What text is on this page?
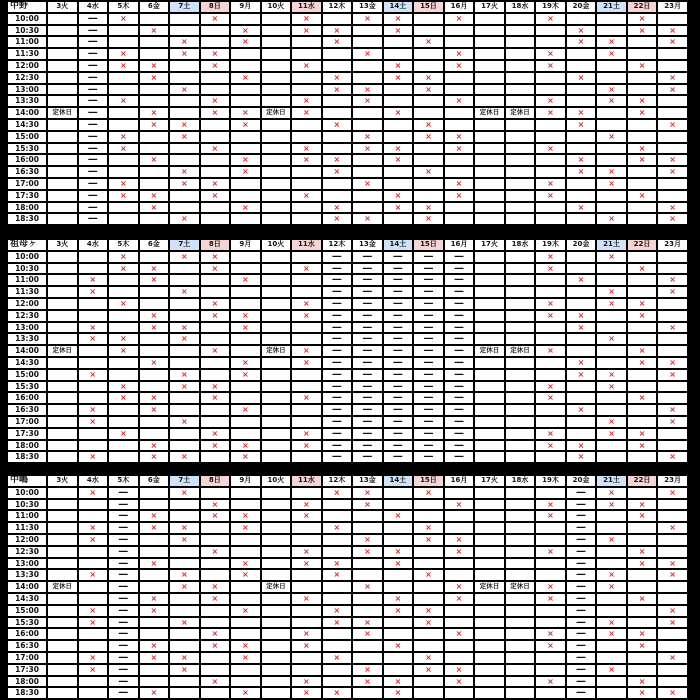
中野	3火	4水	5木	6金	7土	8日	9月	10火	11水	12木	13金	14土	15日	16月	17火	18水	19木	20金	21土	22日	23月
10:00		—	×			×			×		×	×		×			×			×	
10:30		—		×			×		×	×		×						×		×	×
11:00		—			×		×			×			×					×	×		×
11:30		—	×		×	×					×			×			×		×		
12:00		—	×	×		×			×			×		×			×			×	
12:30		—		×			×			×		×	×					×			×
13:00		—			×					×	×		×						×		×
13:30		—	×			×			×		×			×			×		×	×	
14:00	定休日	—		×		×	×	定休日	×			×			定休日	定休日	×	×		×	
14:30		—		×	×		×			×			×					×			×
15:00		—	×		×						×		×	×					×		
15:30		—	×			×			×		×	×		×			×			×	
16:00		—		×			×		×	×		×						×		×	×
16:30		—			×		×			×			×					×	×		×
17:00		—	×		×	×					×			×			×		×		
17:30		—	×	×		×			×			×		×			×			×	
18:00		—		×			×			×		×	×					×			×
18:30		—			×					×	×		×						×		×
祖母ヶ	3火	4水	5木	6金	7土	8日	9月	10火	11水	12木	13金	14土	15日	16月	17火	18水	19木	20金	21土	22日	23月
10:00			×		×	×				—	—	—	—	—			×		×		
10:30			×	×		×			×	—	—	—	—	—			×			×	
11:00		×		×			×			—	—	—	—	—				×			×
11:30		×			×					—	—	—	—	—					×		×
12:00			×			×			×	—	—	—	—	—			×		×	×	
12:30				×		×	×		×	—	—	—	—	—			×	×		×	
13:00		×		×	×		×			—	—	—	—	—				×			×
13:30		×	×		×					—	—	—	—	—					×		
14:00	定休日		×			×		定休日	×	—	—	—	—	—	定休日	定休日	×			×	
14:30				×			×		×	—	—	—	—	—				×		×	×
15:00		×			×		×			—	—	—	—	—				×	×		×
15:30			×		×	×				—	—	—	—	—			×		×		
16:00			×	×		×			×	—	—	—	—	—			×			×	
16:30		×		×			×			—	—	—	—	—				×			×
17:00		×			×					—	—	—	—	—					×		×
17:30			×			×			×	—	—	—	—	—			×		×	×	
18:00				×		×	×		×	—	—	—	—	—			×	×		×	
18:30		×		×	×		×			—	—	—	—	—				×			×
中嶋	3火	4水	5木	6金	7土	8日	9月	10火	11水	12木	13金	14土	15日	16月	17火	18水	19木	20金	21土	22日	23月
10:00		×	—		×					×	×		×					—	×		×
10:30			—			×			×		×			×			×	—	×	×	
11:00			—	×		×	×		×			×					×	—		×	
11:30		×	—	×	×		×			×			×					—			×
12:00		×	—		×						×		×	×				—	×		
12:30			—			×			×		×	×		×			×	—		×	
13:00			—	×			×		×	×		×						—		×	×
13:30		×	—		×		×			×			×					—	×		×
14:00	定休日		—		×	×		定休日			×			×	定休日	定休日	×	—	×		
14:30			—	×		×			×			×		×			×	—		×	
15:00		×	—	×			×			×		×	×					—			×
15:30		×	—		×					×	×		×					—	×		×
16:00			—			×			×		×			×			×	—	×	×	
16:30			—	×		×	×		×			×					×	—		×	
17:00		×	—	×	×		×			×			×					—			×
17:30		×	—		×						×		×	×				—	×		
18:00			—			×			×		×	×		×			×	—		×	
18:30			—	×			×		×	×		×						—		×	×
